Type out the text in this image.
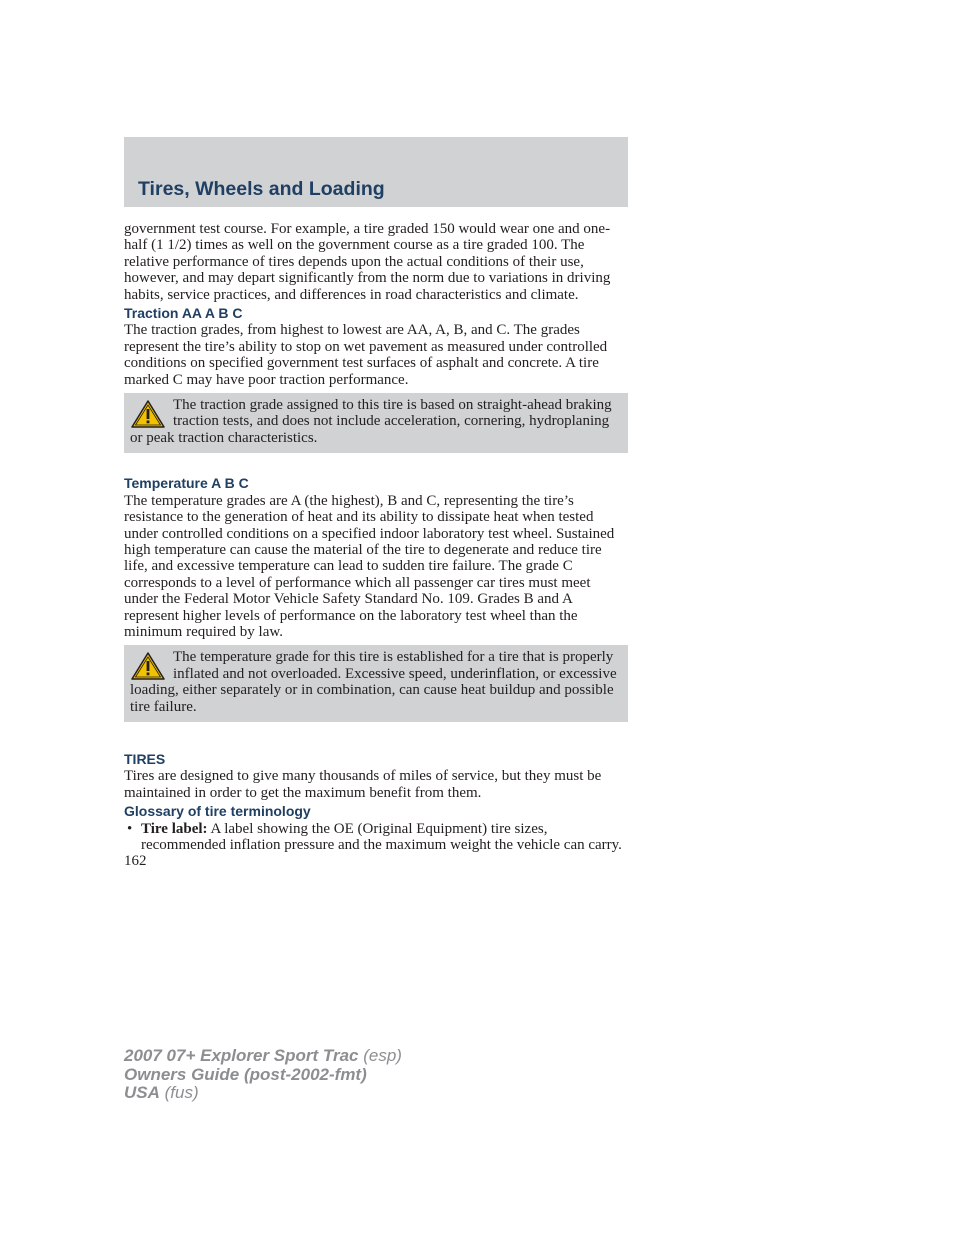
Tires, Wheels and Loading

government test course. For example, a tire graded 150 would wear one and one-half (1 1/2) times as well on the government course as a tire graded 100. The relative performance of tires depends upon the actual conditions of their use, however, and may depart significantly from the norm due to variations in driving habits, service practices, and differences in road characteristics and climate.

Traction AA A B C

The traction grades, from highest to lowest are AA, A, B, and C. The grades represent the tire’s ability to stop on wet pavement as measured under controlled conditions on specified government test surfaces of asphalt and concrete. A tire marked C may have poor traction performance.

The traction grade assigned to this tire is based on straight-ahead braking traction tests, and does not include acceleration, cornering, hydroplaning or peak traction characteristics.
Temperature A B C

The temperature grades are A (the highest), B and C, representing the tire’s resistance to the generation of heat and its ability to dissipate heat when tested under controlled conditions on a specified indoor laboratory test wheel. Sustained high temperature can cause the material of the tire to degenerate and reduce tire life, and excessive temperature can lead to sudden tire failure. The grade C corresponds to a level of performance which all passenger car tires must meet under the Federal Motor Vehicle Safety Standard No. 109. Grades B and A represent higher levels of performance on the laboratory test wheel than the minimum required by law.

The temperature grade for this tire is established for a tire that is properly inflated and not overloaded. Excessive speed, underinflation, or excessive loading, either separately or in combination, can cause heat buildup and possible tire failure.
TIRES

Tires are designed to give many thousands of miles of service, but they must be maintained in order to get the maximum benefit from them.

Glossary of tire terminology
• Tire label: A label showing the OE (Original Equipment) tire sizes, recommended inflation pressure and the maximum weight the vehicle can carry.

162

2007 07+ Explorer Sport Trac (esp)
Owners Guide (post-2002-fmt)
USA (fus)
